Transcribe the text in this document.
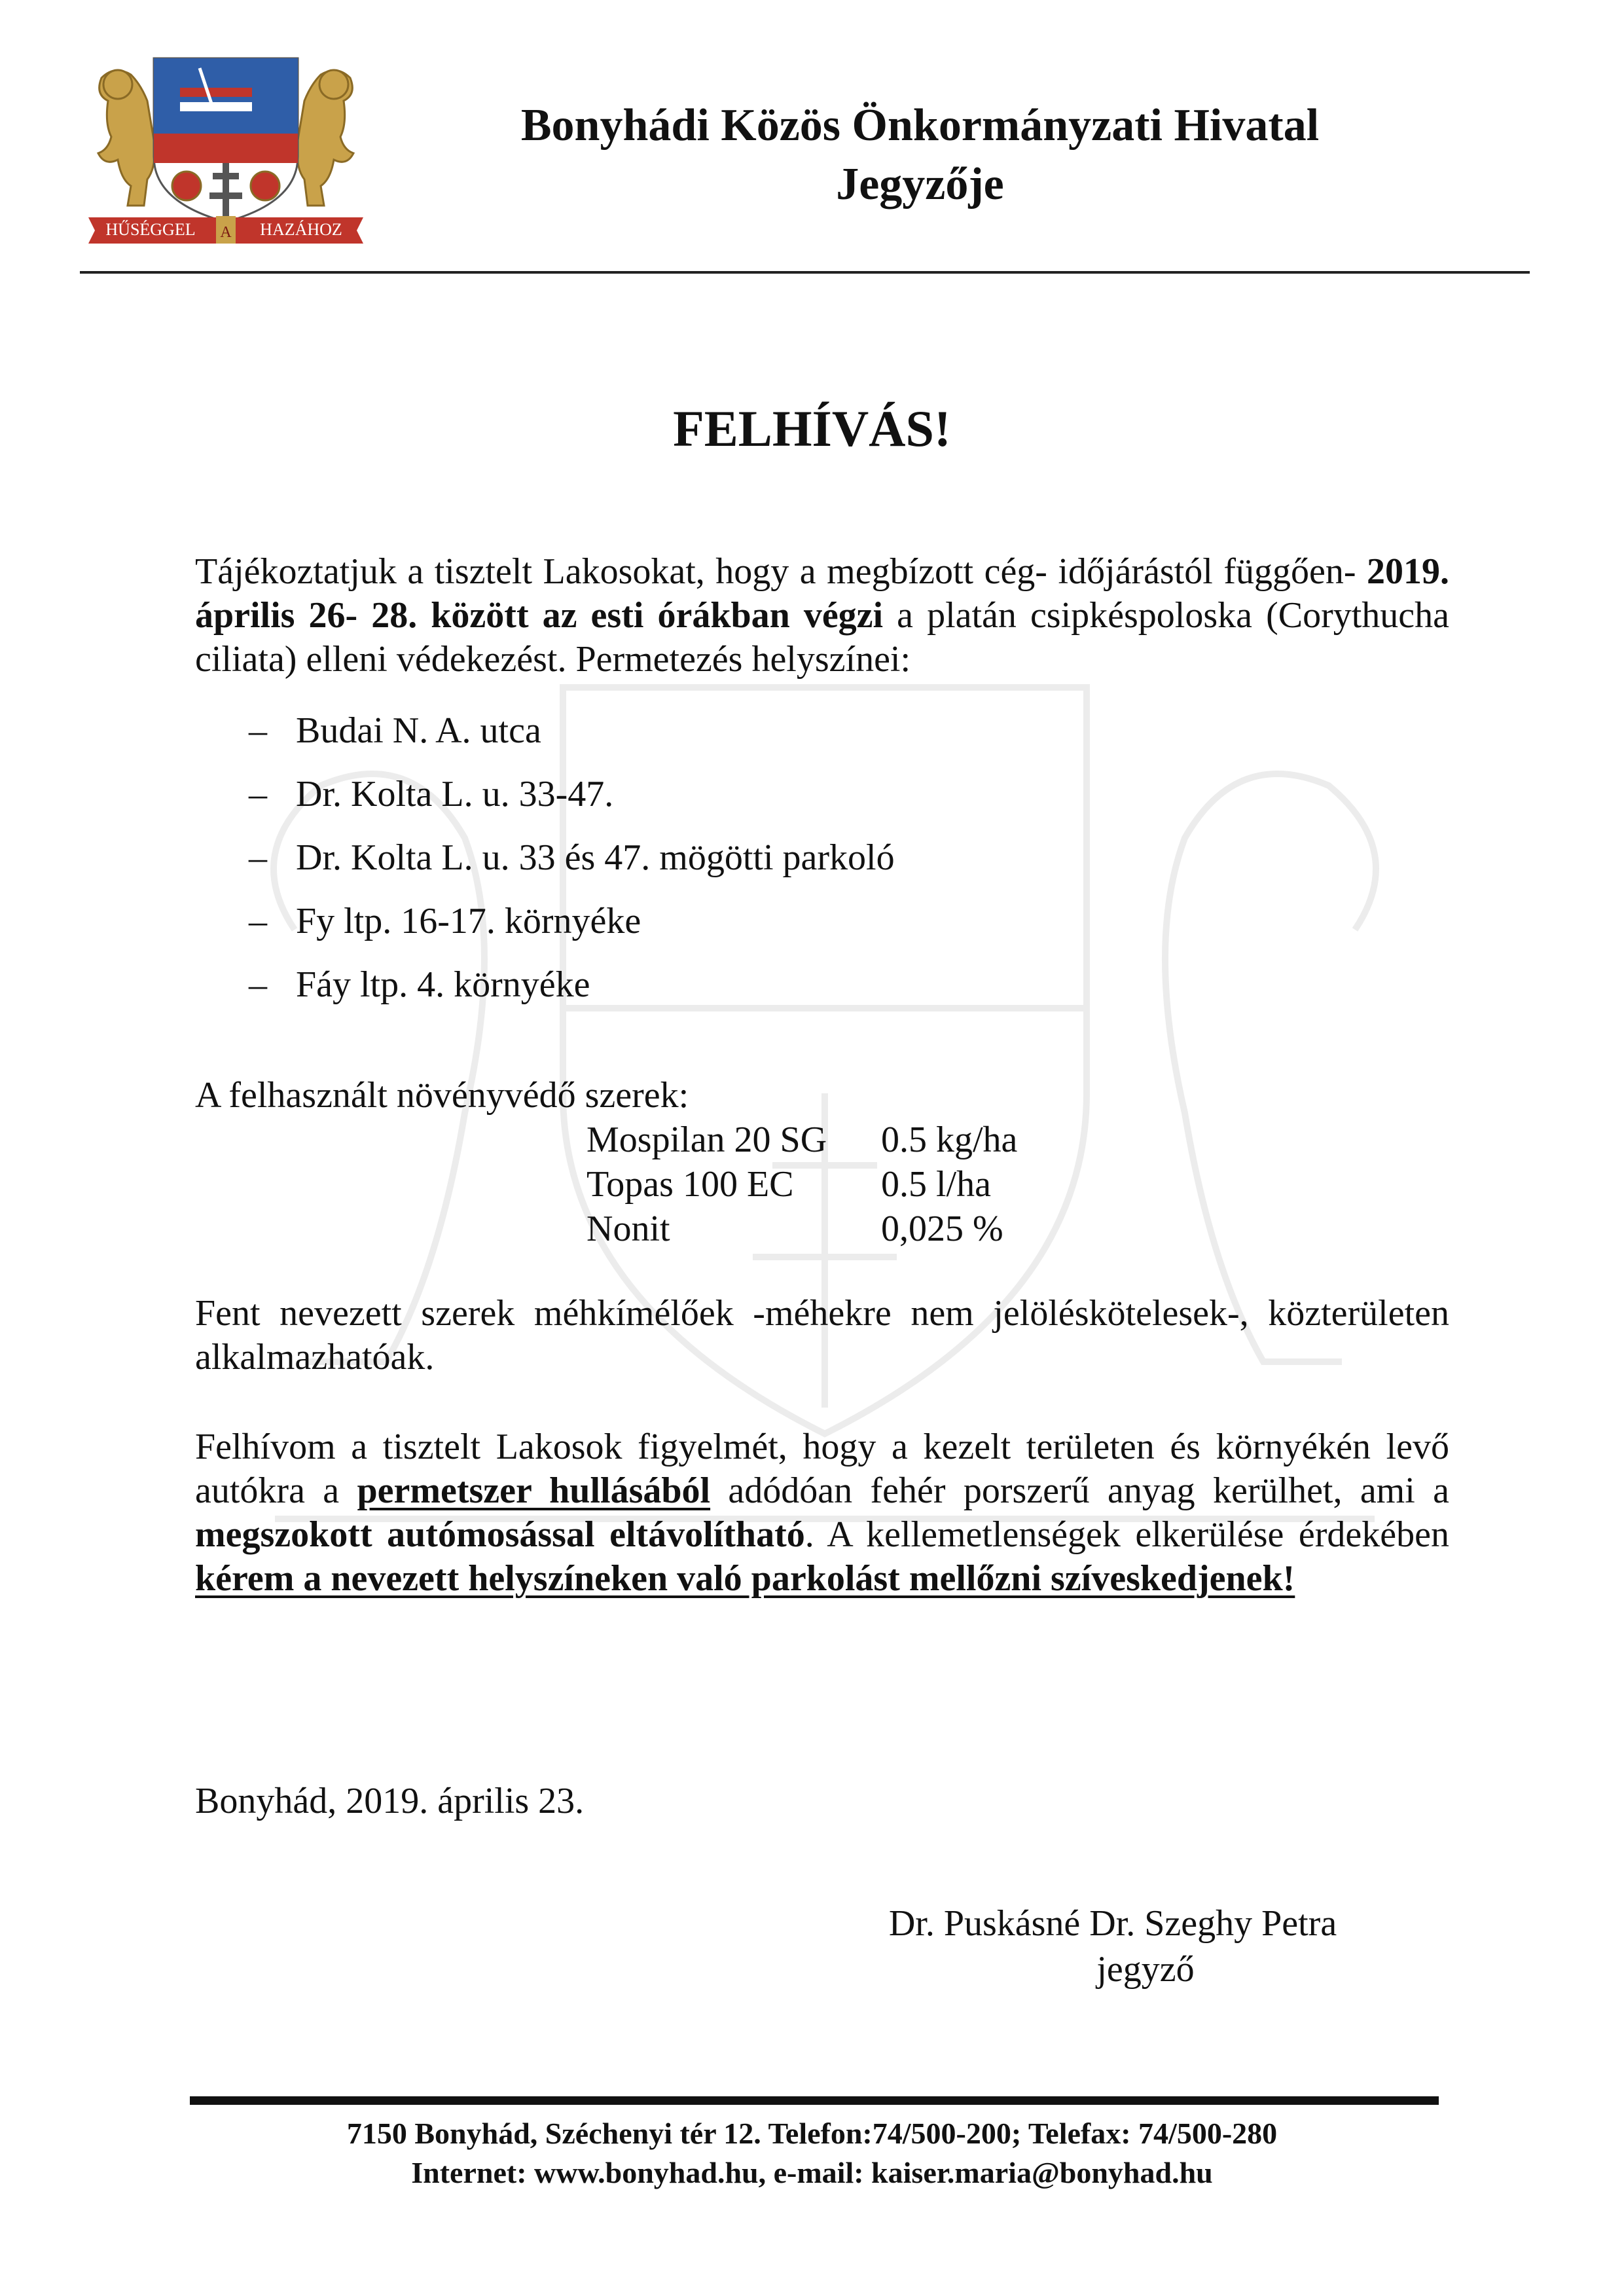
HŰSÉGGEL A HAZÁHOZ
Bonyhádi Közös Önkormányzati Hivatal
Jegyzője
FELHÍVÁS!
Tájékoztatjuk a tisztelt Lakosokat, hogy a megbízott cég- időjárástól függően- 2019. április 26- 28. között az esti órákban végzi a platán csipkéspoloska (Corythucha ciliata) elleni védekezést. Permetezés helyszínei:
– Budai N. A. utca
– Dr. Kolta L. u. 33-47.
– Dr. Kolta L. u. 33 és 47. mögötti parkoló
– Fy ltp. 16-17. környéke
– Fáy ltp. 4. környéke
A felhasznált növényvédő szerek:
Mospilan 20 SG 0.5 kg/ha
Topas 100 EC 0.5 l/ha
Nonit	0,025 %
Fent nevezett szerek méhkímélőek -méhekre nem jelöléskötelesek-, közterületen alkalmazhatóak.
Felhívom a tisztelt Lakosok figyelmét, hogy a kezelt területen és környékén levő autókra a permetszer hullásából adódóan fehér porszerű anyag kerülhet, ami a megszokott autómosással eltávolítható. A kellemetlenségek elkerülése érdekében kérem a nevezett helyszíneken való parkolást mellőzni szíveskedjenek!
Bonyhád, 2019. április 23.
Dr. Puskásné Dr. Szeghy Petra
jegyző
7150 Bonyhád, Széchenyi tér 12. Telefon:74/500-200; Telefax: 74/500-280
Internet: www.bonyhad.hu, e-mail: kaiser.maria@bonyhad.hu
